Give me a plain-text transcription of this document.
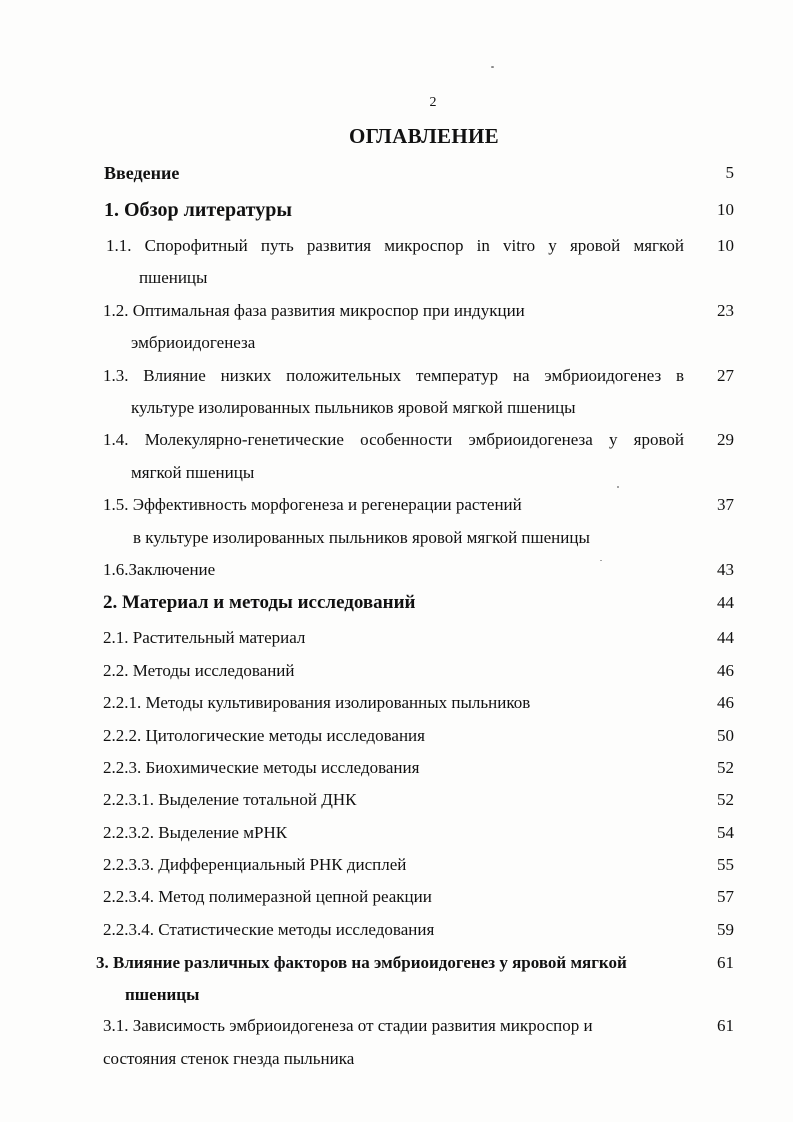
2
ОГЛАВЛЕНИЕ
Введение	5
1. Обзор литературы	10
1.1. Спорофитный путь развития микроспор in vitro у яровой мягкой	10
пшеницы
1.2. Оптимальная фаза развития микроспор при индукции	23
эмбриоидогенеза
1.3. Влияние низких положительных температур на эмбриоидогенез в	27
культуре изолированных пыльников яровой мягкой пшеницы
1.4. Молекулярно-генетические особенности эмбриоидогенеза у яровой	29
мягкой пшеницы
1.5. Эффективность морфогенеза и регенерации растений	37
в культуре изолированных пыльников яровой мягкой пшеницы
1.6.Заключение	43
2. Материал и методы исследований	44
2.1. Растительный материал	44
2.2. Методы исследований	46
2.2.1. Методы культивирования изолированных пыльников	46
2.2.2. Цитологические методы исследования	50
2.2.3. Биохимические методы исследования	52
2.2.3.1. Выделение тотальной ДНК	52
2.2.3.2. Выделение мРНК	54
2.2.3.3. Дифференциальный РНК дисплей	55
2.2.3.4. Метод полимеразной цепной реакции	57
2.2.3.4. Статистические методы исследования	59
3. Влияние различных факторов на эмбриоидогенез у яровой мягкой	61
пшеницы
3.1. Зависимость эмбриоидогенеза от стадии развития микроспор и	61
состояния стенок гнезда пыльника
